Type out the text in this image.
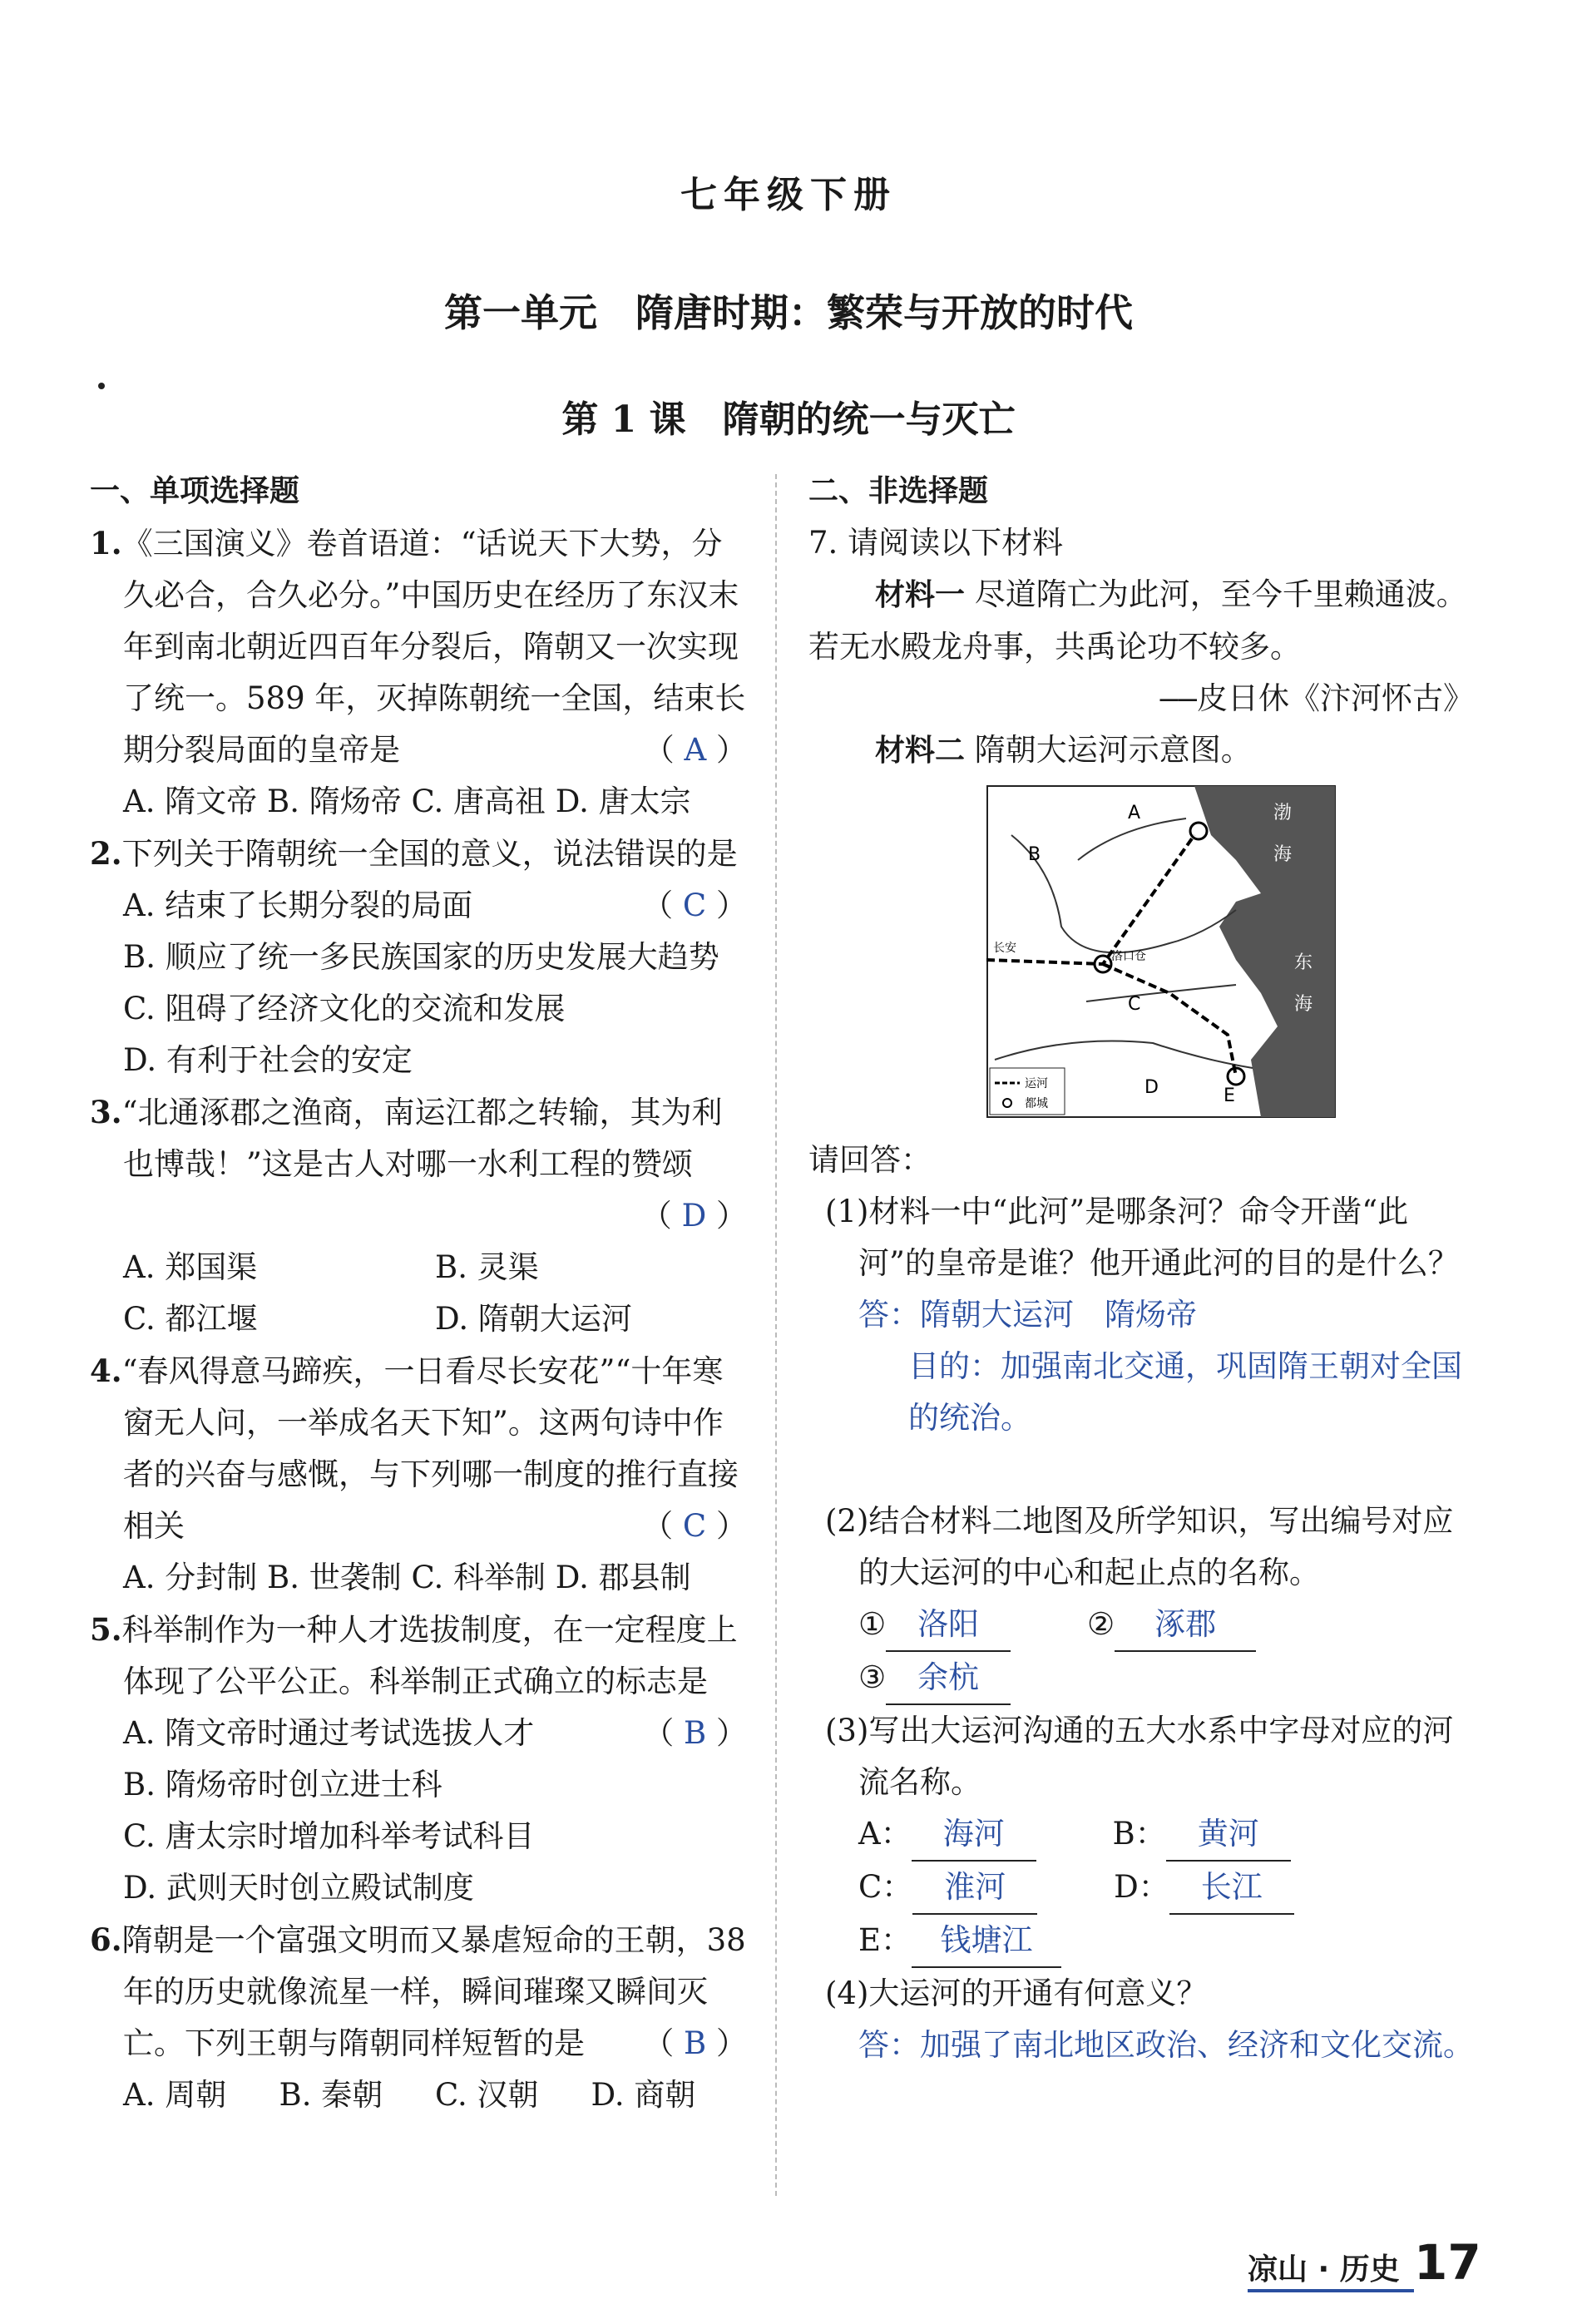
七年级下册
第一单元　隋唐时期：繁荣与开放的时代
第 1 课　隋朝的统一与灭亡
一、单项选择题
1.《三国演义》卷首语道：“话说天下大势，分久必合，合久必分。”中国历史在经历了东汉末年到南北朝近四百年分裂后，隋朝又一次实现了统一。589 年，灭掉陈朝统一全国，结束长期分裂局面的皇帝是	（ A ）
A. 隋文帝 B. 隋炀帝 C. 唐高祖 D. 唐太宗
2.下列关于隋朝统一全国的意义，说法错误的是
（ C ）
A. 结束了长期分裂的局面
B. 顺应了统一多民族国家的历史发展大趋势
C. 阻碍了经济文化的交流和发展
D. 有利于社会的安定
3.“北通涿郡之渔商，南运江都之转输，其为利也博哉！”这是古人对哪一水利工程的赞颂
（ D ）
A. 郑国渠	B. 灵渠
C. 都江堰	D. 隋朝大运河
4.“春风得意马蹄疾，一日看尽长安花”“十年寒窗无人问，一举成名天下知”。这两句诗中作者的兴奋与感慨，与下列哪一制度的推行直接相关	（ C ）
A. 分封制 B. 世袭制 C. 科举制 D. 郡县制
5.科举制作为一种人才选拔制度，在一定程度上体现了公平公正。科举制正式确立的标志是
（ B ）
A. 隋文帝时通过考试选拔人才
B. 隋炀帝时创立进士科
C. 唐太宗时增加科举考试科目
D. 武则天时创立殿试制度
6.隋朝是一个富强文明而又暴虐短命的王朝，38 年的历史就像流星一样，瞬间璀璨又瞬间灭亡。下列王朝与隋朝同样短暂的是 （ B ）
A. 周朝	B. 秦朝	C. 汉朝	D. 商朝
二、非选择题
7. 请阅读以下材料
材料一 尽道隋亡为此河，至今千里赖通波。若无水殿龙舟事，共禹论功不较多。
——皮日休《汴河怀古》
材料二 隋朝大运河示意图。
A
B
C
D	E
长安
洛口仓
渤
海
东
海
运河
都城
请回答：
(1)材料一中“此河”是哪条河？命令开凿“此河”的皇帝是谁？他开通此河的目的是什么？
答：隋朝大运河　隋炀帝
目的：加强南北交通，巩固隋王朝对全国的统治。
(2)结合材料二地图及所学知识，写出编号对应的大运河的中心和起止点的名称。
① 洛阳	② 涿郡
③ 余杭
(3)写出大运河沟通的五大水系中字母对应的河流名称。
A： 海河	B： 黄河
C： 淮河	D： 长江
E： 钱塘江
(4)大运河的开通有何意义？
答：加强了南北地区政治、经济和文化交流。
凉山 · 历史 17
